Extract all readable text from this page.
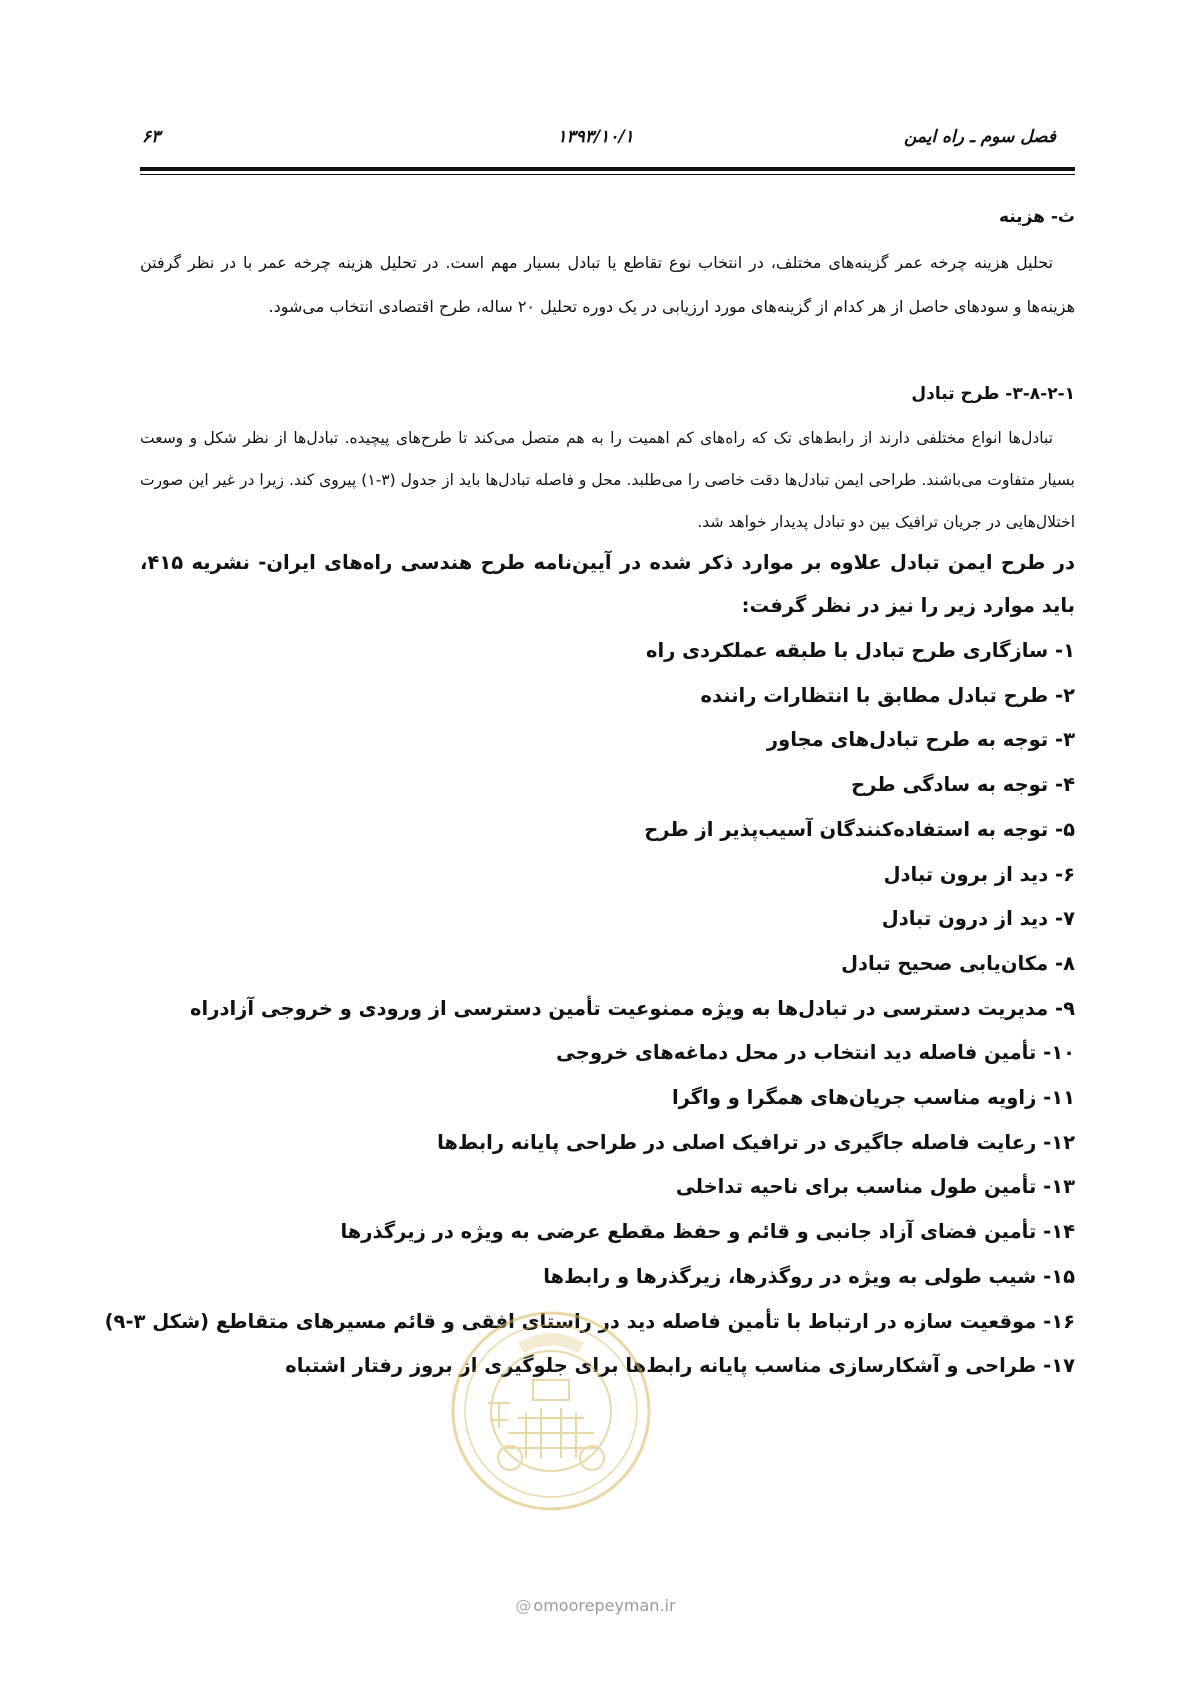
فصل سوم ـ راه ایمن
۱۳۹۳/۱۰/۱
۶۳
ث- هزینه

تحلیل هزینه چرخه عمر گزینه‌های مختلف، در انتخاب نوع تقاطع یا تبادل بسیار مهم است. در تحلیل هزینه چرخه عمر با در نظر گرفتن هزینه‌ها و سودهای حاصل از هر کدام از گزینه‌های مورد ارزیابی در یک دوره تحلیل ۲۰ ساله، طرح اقتصادی انتخاب می‌شود.

۳-۸-۲-۱- طرح تبادل

تبادل‌ها انواع مختلفی دارند از رابط‌های تک که راه‌های کم اهمیت را به هم متصل می‌کند تا طرح‌های پیچیده. تبادل‌ها از نظر شکل و وسعت بسیار متفاوت می‌باشند. طراحی ایمن تبادل‌ها دقت خاصی را می‌طلبد. محل و فاصله تبادل‌ها باید از جدول (۳-۱) پیروی کند. زیرا در غیر این صورت اختلال‌هایی در جریان ترافیک بین دو تبادل پدیدار خواهد شد.

در طرح ایمن تبادل علاوه بر موارد ذکر شده در آیین‌نامه طرح هندسی راه‌های ایران- نشریه ۴۱۵، باید موارد زیر را نیز در نظر گرفت:

۱- سازگاری طرح تبادل با طبقه عملکردی راه
۲- طرح تبادل مطابق با انتظارات راننده
۳- توجه به طرح تبادل‌های مجاور
۴- توجه به سادگی طرح
۵- توجه به استفاده‌کنندگان آسیب‌پذیر از طرح
۶- دید از برون تبادل
۷- دید از درون تبادل
۸- مکان‌یابی صحیح تبادل
۹- مدیریت دسترسی در تبادل‌ها به ویژه ممنوعیت تأمین دسترسی از ورودی و خروجی آزادراه
۱۰- تأمین فاصله دید انتخاب در محل دماغه‌های خروجی
۱۱- زاویه مناسب جریان‌های همگرا و واگرا
۱۲- رعایت فاصله جاگیری در ترافیک اصلی در طراحی پایانه رابط‌ها
۱۳- تأمین طول مناسب برای ناحیه تداخلی
۱۴- تأمین فضای آزاد جانبی و قائم و حفظ مقطع عرضی به ویژه در زیرگذرها
۱۵- شیب طولی به ویژه در روگذرها، زیرگذرها و رابط‌ها
۱۶- موقعیت سازه در ارتباط با تأمین فاصله دید در راستای افقی و قائم مسیرهای متقاطع (شکل ۳-۹)
۱۷- طراحی و آشکارسازی مناسب پایانه رابط‌ها برای جلوگیری از بروز رفتار اشتباه
@ omoorepeyman.ir
